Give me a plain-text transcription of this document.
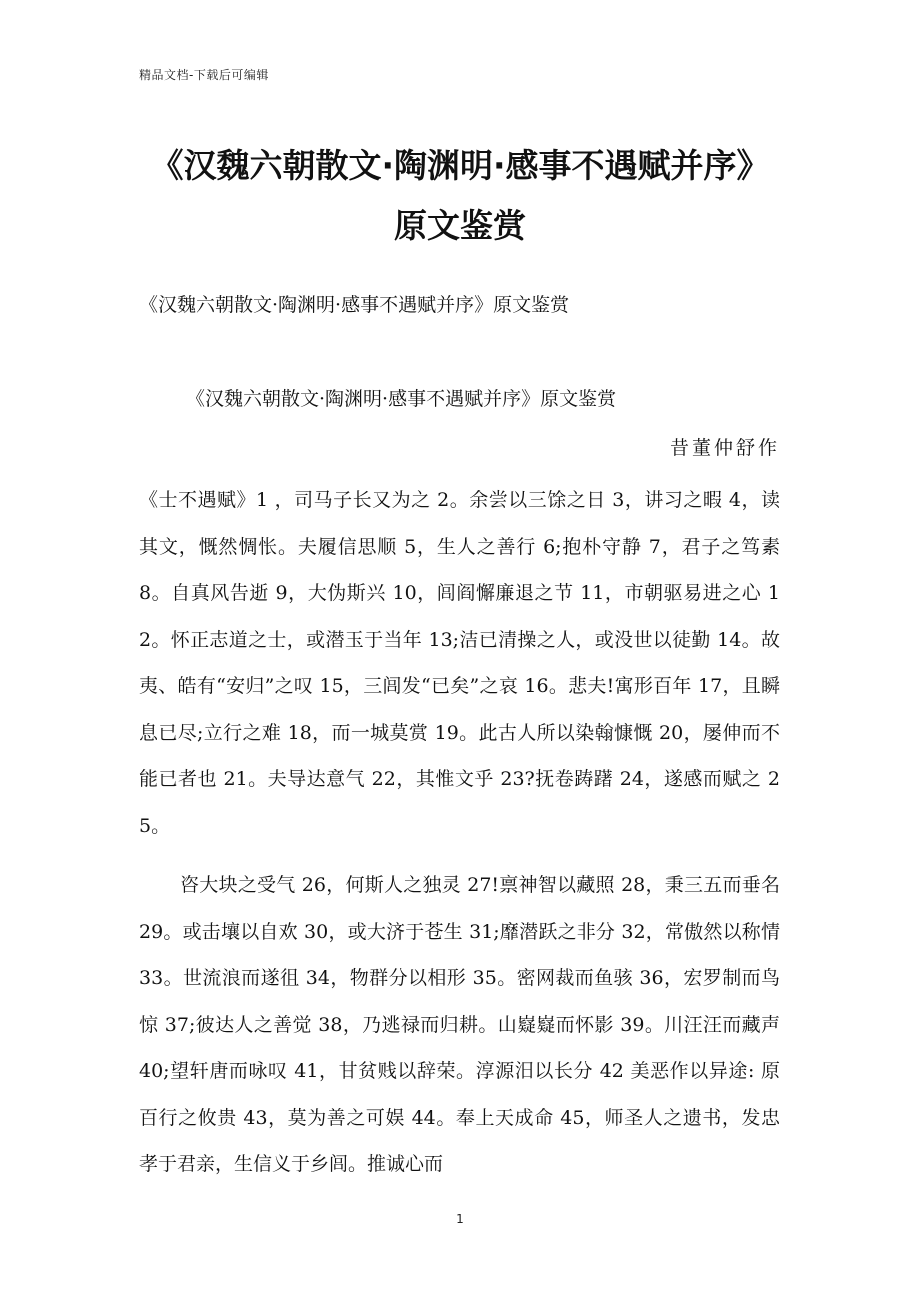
精品文档-下载后可编辑
《汉魏六朝散文·陶渊明·感事不遇赋并序》
原文鉴赏
《汉魏六朝散文·陶渊明·感事不遇赋并序》原文鉴赏
《汉魏六朝散文·陶渊明·感事不遇赋并序》原文鉴赏
昔董仲舒作
《士不遇赋》1 ，司马子长又为之 2。余尝以三馀之日 3，讲习之暇 4，读其文，慨然惆怅。夫履信思顺 5，生人之善行 6;抱朴守静 7，君子之笃素 8。自真风告逝 9，大伪斯兴 10，闾阎懈廉退之节 11，市朝驱易进之心 12。怀正志道之士，或潜玉于当年 13;洁已清操之人，或没世以徒勤 14。故夷、皓有“安归”之叹 15，三闾发“已矣”之哀 16。悲夫!寓形百年 17，且瞬息已尽;立行之难 18，而一城莫赏 19。此古人所以染翰慷慨 20，屡伸而不能已者也 21。夫导达意气 22，其惟文乎 23?抚卷踌躇 24，遂感而赋之 25。
咨大块之受气 26，何斯人之独灵 27!禀神智以藏照 28，秉三五而垂名 29。或击壤以自欢 30，或大济于苍生 31;靡潜跃之非分 32，常傲然以称情 33。世流浪而遂徂 34，物群分以相形 35。密网裁而鱼骇 36，宏罗制而鸟惊 37;彼达人之善觉 38，乃逃禄而归耕。山嶷嶷而怀影 39。川汪汪而藏声 40;望轩唐而咏叹 41，甘贫贱以辞荣。淳源汨以长分 42 美恶作以异途: 原百行之攸贵 43，莫为善之可娱 44。奉上天成命 45，师圣人之遗书，发忠孝于君亲，生信义于乡闾。推诚心而
1
